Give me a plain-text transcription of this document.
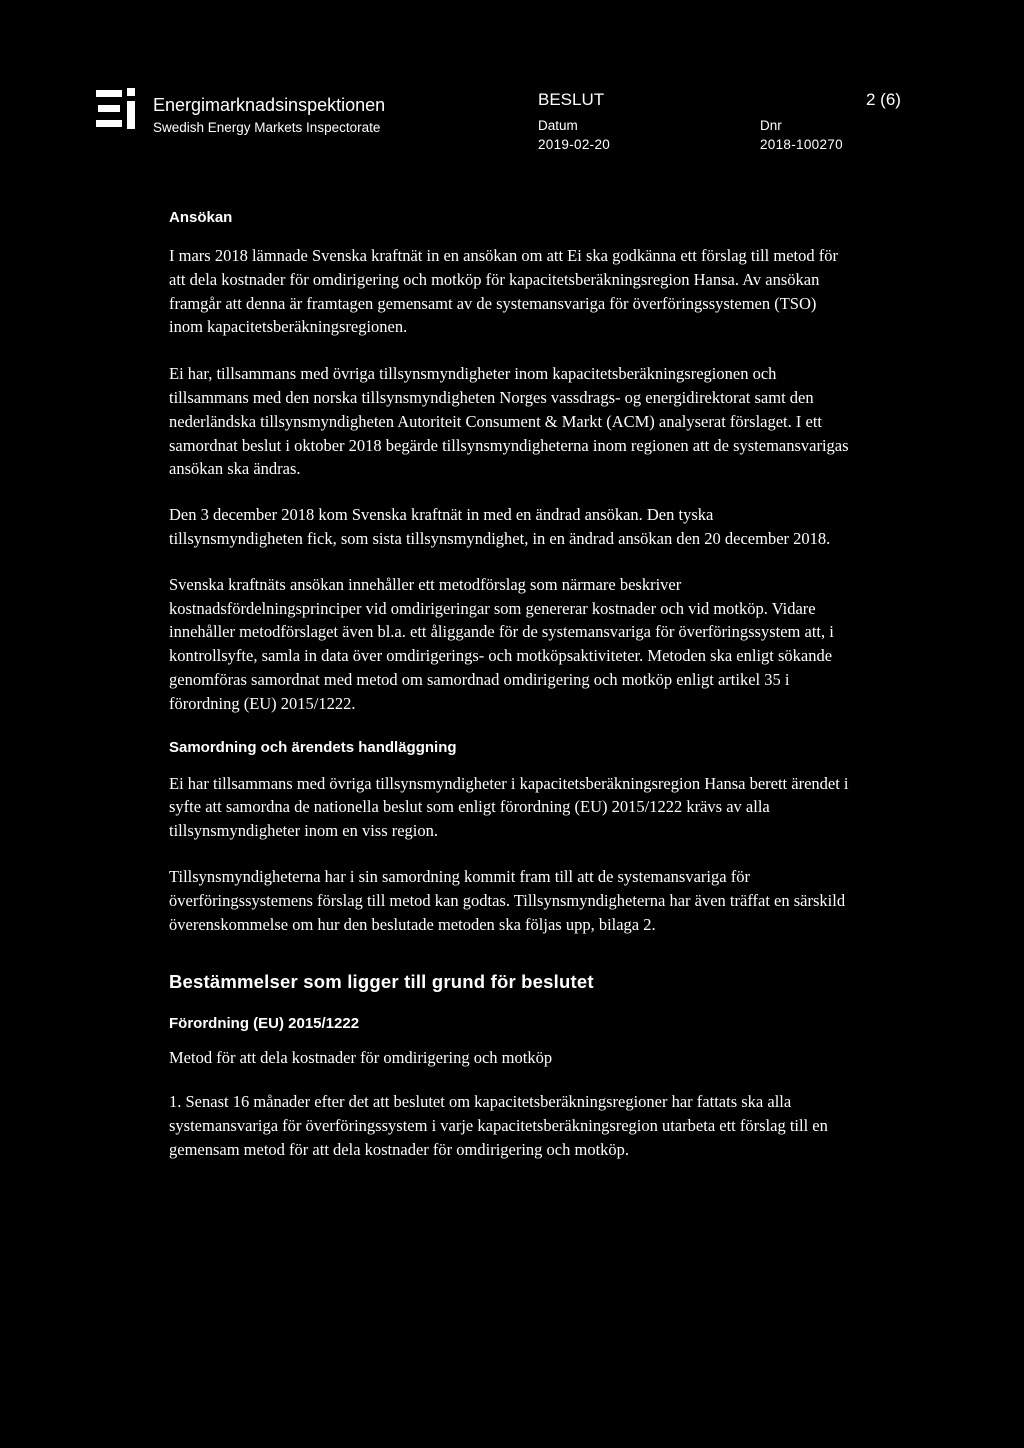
Energimarknadsinspektionen
Swedish Energy Markets Inspectorate
BESLUT	2 (6)
Datum
2019-02-20
Dnr
2018-100270
Ansökan

I mars 2018 lämnade Svenska kraftnät in en ansökan om att Ei ska godkänna ett förslag till metod för att dela kostnader för omdirigering och motköp för kapacitetsberäkningsregion Hansa. Av ansökan framgår att denna är framtagen gemensamt av de systemansvariga för överföringssystemen (TSO) inom kapacitetsberäkningsregionen.

Ei har, tillsammans med övriga tillsynsmyndigheter inom kapacitetsberäkningsregionen och tillsammans med den norska tillsynsmyndigheten Norges vassdrags- og energidirektorat samt den nederländska tillsynsmyndigheten Autoriteit Consument & Markt (ACM) analyserat förslaget. I ett samordnat beslut i oktober 2018 begärde tillsynsmyndigheterna inom regionen att de systemansvarigas ansökan ska ändras.

Den 3 december 2018 kom Svenska kraftnät in med en ändrad ansökan. Den tyska tillsynsmyndigheten fick, som sista tillsynsmyndighet, in en ändrad ansökan den 20 december 2018.

Svenska kraftnäts ansökan innehåller ett metodförslag som närmare beskriver kostnadsfördelningsprinciper vid omdirigeringar som genererar kostnader och vid motköp. Vidare innehåller metodförslaget även bl.a. ett åliggande för de systemansvariga för överföringssystem att, i kontrollsyfte, samla in data över omdirigerings- och motköpsaktiviteter. Metoden ska enligt sökande genomföras samordnat med metod om samordnad omdirigering och motköp enligt artikel 35 i förordning (EU) 2015/1222.

Samordning och ärendets handläggning

Ei har tillsammans med övriga tillsynsmyndigheter i kapacitetsberäkningsregion Hansa berett ärendet i syfte att samordna de nationella beslut som enligt förordning (EU) 2015/1222 krävs av alla tillsynsmyndigheter inom en viss region.

Tillsynsmyndigheterna har i sin samordning kommit fram till att de systemansvariga för överföringssystemens förslag till metod kan godtas. Tillsynsmyndigheterna har även träffat en särskild överenskommelse om hur den beslutade metoden ska följas upp, bilaga 2.

Bestämmelser som ligger till grund för beslutet
Förordning (EU) 2015/1222

Metod för att dela kostnader för omdirigering och motköp

1. Senast 16 månader efter det att beslutet om kapacitetsberäkningsregioner har fattats ska alla systemansvariga för överföringssystem i varje kapacitetsberäkningsregion utarbeta ett förslag till en gemensam metod för att dela kostnader för omdirigering och motköp.
